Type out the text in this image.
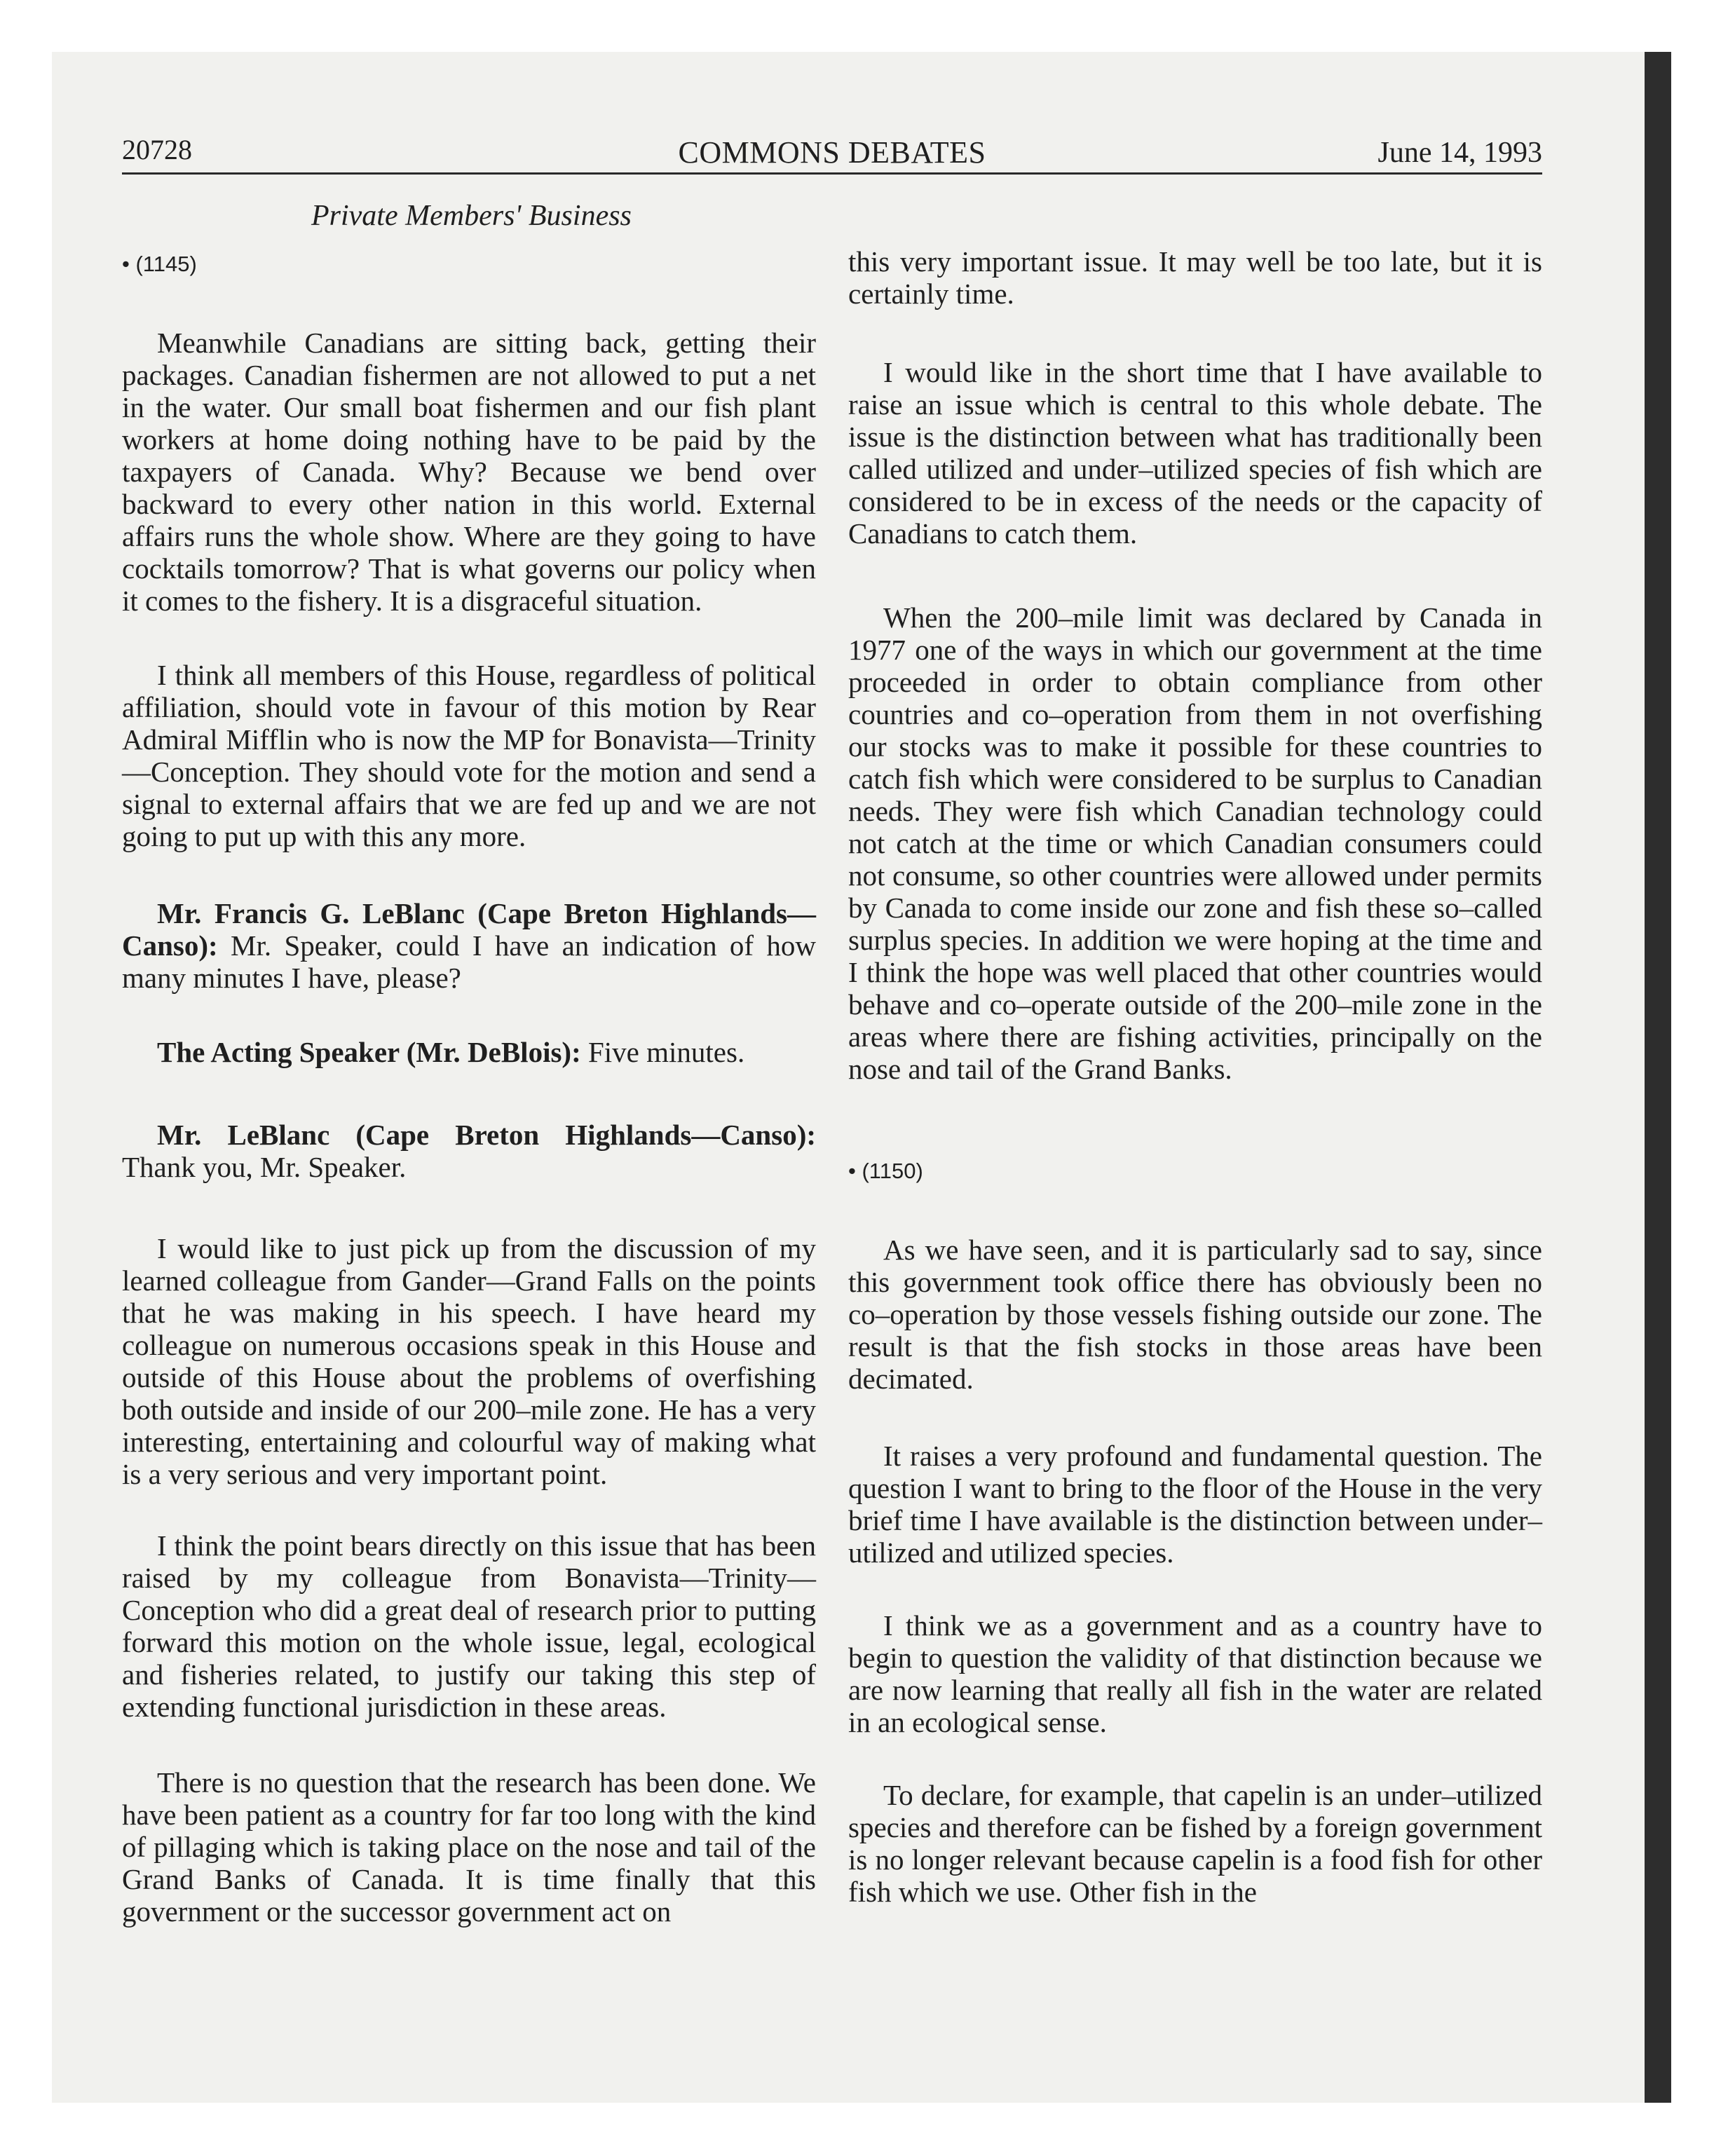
20728	COMMONS DEBATES	June 14, 1993
Private Members' Business

• (1145)

Meanwhile Canadians are sitting back, getting their packages. Canadian fishermen are not allowed to put a net in the water. Our small boat fishermen and our fish plant workers at home doing nothing have to be paid by the taxpayers of Canada. Why? Because we bend over backward to every other nation in this world. External affairs runs the whole show. Where are they going to have cocktails tomorrow? That is what governs our policy when it comes to the fishery. It is a disgraceful situation.

I think all members of this House, regardless of political affiliation, should vote in favour of this motion by Rear Admiral Mifflin who is now the MP for Bonavista—Trinity—Conception. They should vote for the motion and send a signal to external affairs that we are fed up and we are not going to put up with this any more.

Mr. Francis G. LeBlanc (Cape Breton Highlands—Canso): Mr. Speaker, could I have an indication of how many minutes I have, please?

The Acting Speaker (Mr. DeBlois): Five minutes.

Mr. LeBlanc (Cape Breton Highlands—Canso): Thank you, Mr. Speaker.

I would like to just pick up from the discussion of my learned colleague from Gander—Grand Falls on the points that he was making in his speech. I have heard my colleague on numerous occasions speak in this House and outside of this House about the problems of overfishing both outside and inside of our 200–mile zone. He has a very interesting, entertaining and colourful way of making what is a very serious and very important point.

I think the point bears directly on this issue that has been raised by my colleague from Bonavista—Trinity—Conception who did a great deal of research prior to putting forward this motion on the whole issue, legal, ecological and fisheries related, to justify our taking this step of extending functional jurisdiction in these areas.

There is no question that the research has been done. We have been patient as a country for far too long with the kind of pillaging which is taking place on the nose and tail of the Grand Banks of Canada. It is time finally that this government or the successor government act on

this very important issue. It may well be too late, but it is certainly time.

I would like in the short time that I have available to raise an issue which is central to this whole debate. The issue is the distinction between what has traditionally been called utilized and under–utilized species of fish which are considered to be in excess of the needs or the capacity of Canadians to catch them.

When the 200–mile limit was declared by Canada in 1977 one of the ways in which our government at the time proceeded in order to obtain compliance from other countries and co–operation from them in not overfishing our stocks was to make it possible for these countries to catch fish which were considered to be surplus to Canadian needs. They were fish which Canadian technology could not catch at the time or which Canadian consumers could not consume, so other countries were allowed under permits by Canada to come inside our zone and fish these so–called surplus species. In addition we were hoping at the time and I think the hope was well placed that other countries would behave and co–operate outside of the 200–mile zone in the areas where there are fishing activities, principally on the nose and tail of the Grand Banks.

• (1150)

As we have seen, and it is particularly sad to say, since this government took office there has obviously been no co–operation by those vessels fishing outside our zone. The result is that the fish stocks in those areas have been decimated.

It raises a very profound and fundamental question. The question I want to bring to the floor of the House in the very brief time I have available is the distinction between under–utilized and utilized species.

I think we as a government and as a country have to begin to question the validity of that distinction because we are now learning that really all fish in the water are related in an ecological sense.

To declare, for example, that capelin is an under–utilized species and therefore can be fished by a foreign government is no longer relevant because capelin is a food fish for other fish which we use. Other fish in the
